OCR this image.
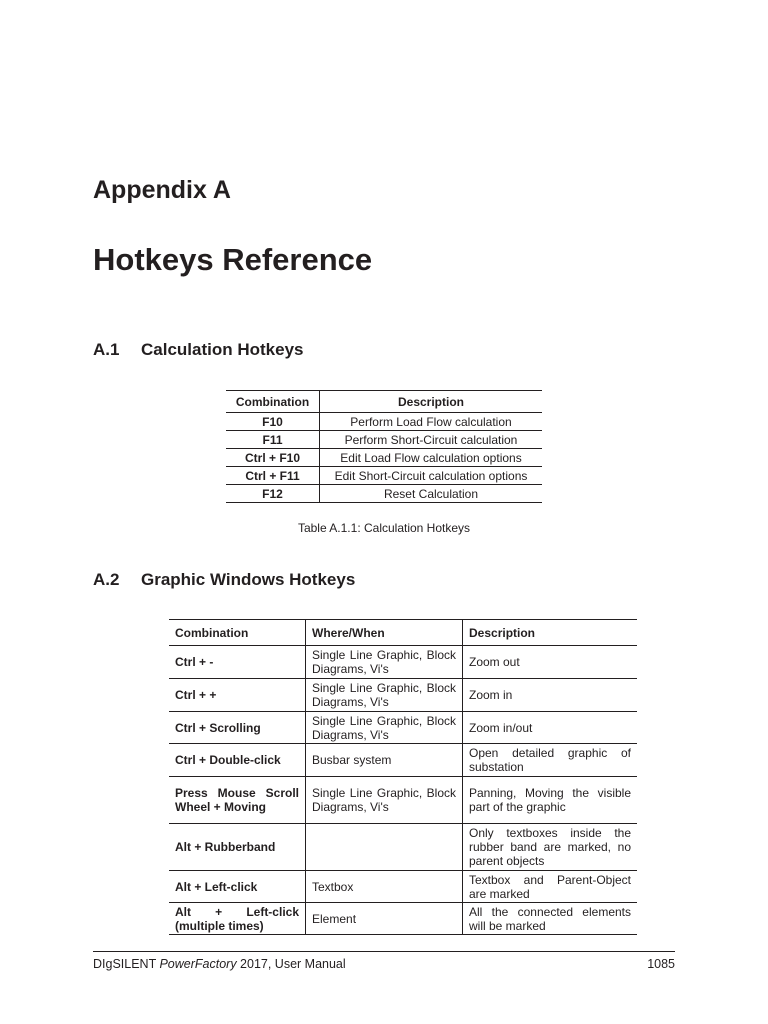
Appendix A
Hotkeys Reference
A.1 Calculation Hotkeys
Combination	Description
F10	Perform Load Flow calculation
F11	Perform Short-Circuit calculation
Ctrl + F10	Edit Load Flow calculation options
Ctrl + F11	Edit Short-Circuit calculation options
F12	Reset Calculation

Table A.1.1: Calculation Hotkeys

A.2 Graphic Windows Hotkeys
Combination	Where/When	Description
Ctrl + -	Single Line Graphic, Block Diagrams, Vi's	Zoom out
Ctrl + +	Single Line Graphic, Block Diagrams, Vi's	Zoom in
Ctrl + Scrolling	Single Line Graphic, Block Diagrams, Vi's	Zoom in/out
Ctrl + Double-click	Busbar system	Open detailed graphic of substation
Press Mouse Scroll Wheel + Moving	Single Line Graphic, Block Diagrams, Vi's	Panning, Moving the visible part of the graphic
Alt + Rubberband		Only textboxes inside the rubber band are marked, no parent objects
Alt + Left-click	Textbox	Textbox and Parent-Object are marked
Alt + Left-click (multiple times)	Element	All the connected elements will be marked

DIgSILENT PowerFactory 2017, User Manual	1085
